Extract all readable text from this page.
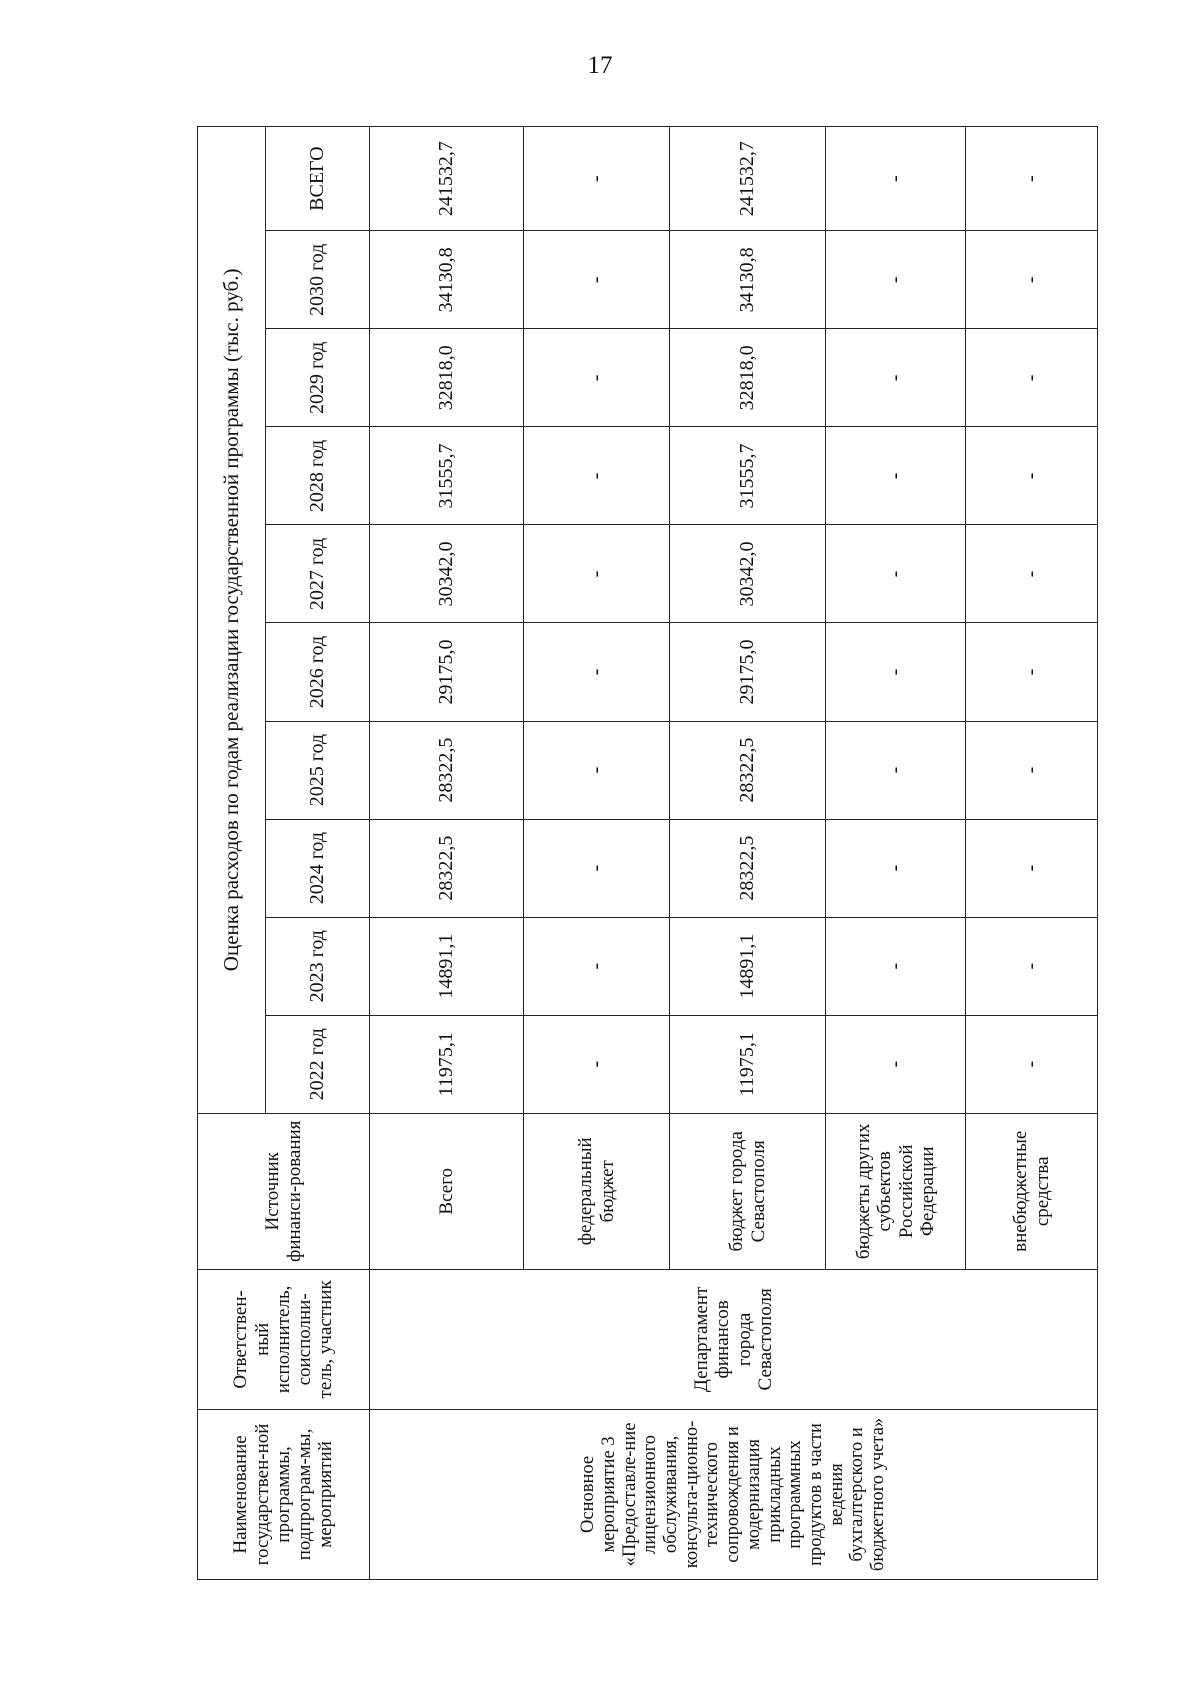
17
Наименование государствен-ной программы, подпрограм-мы, мероприятий	Ответствен-ный исполнитель, соисполни-тель, участник	Источник финанси-рования	Оценка расходов по годам реализации государственной программы (тыс. руб.)									
			2022 год	2023 год	2024 год	2025 год	2026 год	2027 год	2028 год	2029 год	2030 год	ВСЕГО
Основное мероприятие 3 «Предоставле-ние лицензионного обслуживания, консульта-ционно-технического сопровождения и модернизация прикладных программных продуктов в части ведения бухгалтерского и бюджетного учета»	Департамент финансов города Севастополя	Всего	11975,1	14891,1	28322,5	28322,5	29175,0	30342,0	31555,7	32818,0	34130,8	241532,7
		федеральный бюджет	-	-	-	-	-	-	-	-	-	-
		бюджет города Севастополя	11975,1	14891,1	28322,5	28322,5	29175,0	30342,0	31555,7	32818,0	34130,8	241532,7
		бюджеты других субъектов Российской Федерации	-	-	-	-	-	-	-	-	-	-
		внебюджетные средства	-	-	-	-	-	-	-	-	-	-
